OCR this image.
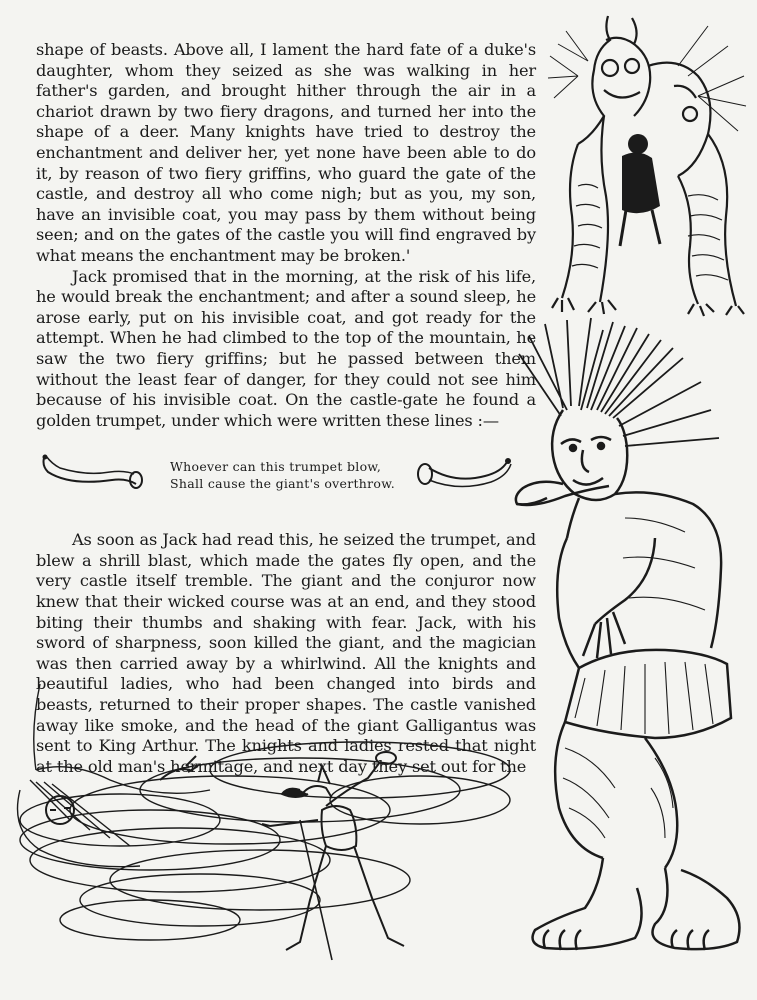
shape of beasts. Above all, I lament the hard fate of a duke's daughter, whom they seized as she was walking in her father's garden, and brought hither through the air in a chariot drawn by two fiery dragons, and turned her into the shape of a deer. Many knights have tried to destroy the enchantment and deliver her, yet none have been able to do it, by reason of two fiery griffins, who guard the gate of the castle, and destroy all who come nigh; but as you, my son, have an invisible coat, you may pass by them without being seen; and on the gates of the castle you will find engraved by what means the enchantment may be broken.'

Jack promised that in the morning, at the risk of his life, he would break the enchantment; and after a sound sleep, he arose early, put on his invisible coat, and got ready for the attempt. When he had climbed to the top of the mountain, he saw the two fiery griffins; but he passed between them without the least fear of danger, for they could not see him because of his invisible coat. On the castle-gate he found a golden trumpet, under which were written these lines :—

Whoever can this trumpet blow,
Shall cause the giant's overthrow.

As soon as Jack had read this, he seized the trumpet, and blew a shrill blast, which made the gates fly open, and the very castle itself tremble. The giant and the conjuror now knew that their wicked course was at an end, and they stood biting their thumbs and shaking with fear. Jack, with his sword of sharpness, soon killed the giant, and the magician was then carried away by a whirlwind. All the knights and beautiful ladies, who had been changed into birds and beasts, returned to their proper shapes. The castle vanished away like smoke, and the head of the giant Galligantus was sent to King Arthur. The knights and ladies rested that night at the old man's hermitage, and next day they set out for the
